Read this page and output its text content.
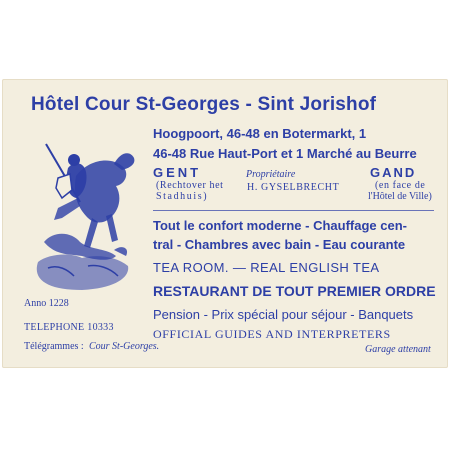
Hôtel Cour St-Georges - Sint Jorishof
Anno 1228
Hoogpoort, 46-48 en Botermarkt, 1
46-48 Rue Haut-Port et 1 Marché au Beurre
GENT	Propriétaire	GAND
(Rechtover het
Stadhuis)
H. GYSELBRECHT	(en face de
l'Hôtel de Ville)
Tout le confort moderne - Chauffage cen-
tral - Chambres avec bain - Eau courante
TEA ROOM. — REAL ENGLISH TEA
RESTAURANT DE TOUT PREMIER ORDRE
Pension - Prix spécial pour séjour - Banquets
OFFICIAL GUIDES AND INTERPRETERS
Garage attenant
TELEPHONE 10333
Télégrammes : Cour St-Georges.
